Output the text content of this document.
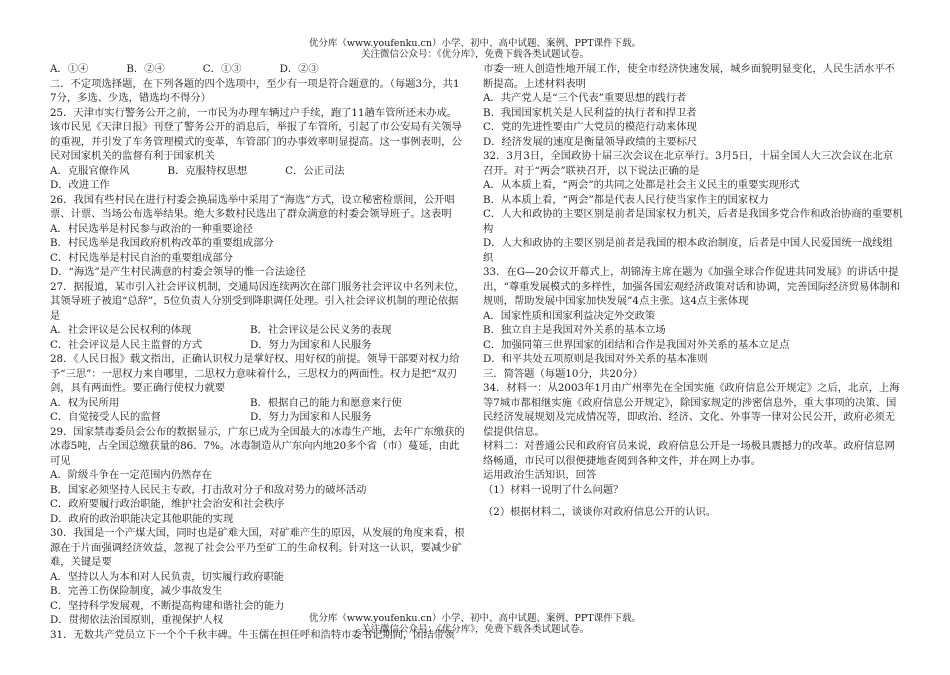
优分库（www.youfenku.cn）小学、初中、高中试题、案例、PPT课件下载。
关注微信公众号：《优分库》，免费下载各类试题试卷。
A．①④	B．②④	C．①③	D．②③
二．不定项选择题，在下列各题的四个选项中，至少有一项是符合题意的。（每题3分，共17分，多选、少选，错选均不得分）
25．天津市实行警务公开之前，一市民为办理车辆过户手续，跑了11趟车管所还未办成。该市民见《天津日报》刊登了警务公开的消息后，举报了车管所，引起了市公安局有关领导的重视，并引发了车务管理模式的变革，车管部门的办事效率明显提高。这一事例表明，公民对国家机关的监督有利于国家机关
A．克服官僚作风	B．克服特权思想	C．公正司法
D．改进工作
26．我国有些村民在进行村委会换届选举中采用了“海选”方式，设立秘密检票间，公开唱票、计票、当场公布选举结果。绝大多数村民选出了群众满意的村委会领导班子。这表明
A．村民选举是村民参与政治的一种重要途径
B．村民选举是我国政府机构改革的重要组成部分
C．村民选举是村民自治的重要组成部分
D．“海选”是产生村民满意的村委会领导的惟一合法途径
27．据报道，某市引入社会评议机制，交通局因连续两次在部门服务社会评议中名列末位，其领导班子被追“总辞”，5位负责人分别受到降职调任处理。引入社会评议机制的理论依据是
A．社会评议是公民权利的体现	B．社会评议是公民义务的表现 C．社会评议是人民主监督的方式	D．努力为国家和人民服务
28．《人民日报》载文指出，正确认识权力是掌好权、用好权的前提。领导干部要对权力给予“三思”：一思权力来自哪里，二思权力意味着什么，三思权力的两面性。权力是把“双刃剑，具有两面性。要正确行使权力就要
A．权为民所用	B．根据自己的能力和愿意来行使 C．自觉接受人民的监督	D．努力为国家和人民服务
29．国家禁毒委员会公布的数据显示，广东已成为全国最大的冰毒生产地，去年广东缴获的冰毒5吨，占全国总缴获量的86．7%。冰毒制造从广东向内地20多个省（市）蔓延，由此可见
A．阶级斗争在一定范围内仍然存在
B．国家必须坚持人民民主专政，打击敌对分子和敌对势力的破坏活动
C．政府要履行政治职能，维护社会治安和社会秩序
D．政府的政治职能决定其他职能的实现
30．我国是一个产煤大国，同时也是矿难大国，对矿难产生的原因，从发展的角度来看，根源在于片面强调经济效益，忽视了社会公平乃至矿工的生命权利。针对这一认识，要减少矿难，关键是要
A．坚持以人为本和对人民负责，切实履行政府职能
B．完善工伤保险制度，减少事故发生
C．坚持科学发展观，不断提高构建和谐社会的能力
D．贯彻依法治国原则，重视保护人权
31．无数共产党员立下一个个千秋丰碑。牛玉儒在担任呼和浩特市委书记期间，团结带领
市委一班人创造性地开展工作，使全市经济快速发展，城乡面貌明显变化，人民生活水平不断提高。上述材料表明
A．共产党人是“三个代表”重要思想的践行者
B．我国国家机关是人民利益的执行者和捍卫者
C．党的先进性要由广大党员的模范行动来体现
D．经济发展的速度是衡量领导政绩的主要标尺
32．3月3日，全国政协十届三次会议在北京举行。3月5日，十届全国人大三次会议在北京召开。对于“两会”联袂召开，以下说法正确的是
A．从本质上看，“两会”的共同之处都是社会主义民主的重要实现形式
B．从本质上看，“两会”都是代表人民行使当家作主的国家权力
C．人大和政协的主要区别是前者是国家权力机关，后者是我国多党合作和政治协商的重要机构
D．人大和政协的主要区别是前者是我国的根本政治制度，后者是中国人民爱国统一战线组织
33．在G—20会议开幕式上，胡锦涛主席在题为《加强全球合作促进共同发展》的讲话中提出，“尊重发展模式的多样性，加强各国宏观经济政策对话和协调，完善国际经济贸易体制和规则，帮助发展中国家加快发展”4点主张。这4点主张体现
A．国家性质和国家利益决定外交政策
B．独立自主是我国对外关系的基本立场
C．加强同第三世界国家的团结和合作是我国对外关系的基本立足点
D．和平共处五项原则是我国对外关系的基本准则
三．简答题（每题10分，共20分）
34．材料一：从2003年1月由广州率先在全国实施《政府信息公开规定》之后，北京，上海等7城市都相继实施《政府信息公开规定》，除国家规定的涉密信息外，重大事项的决策、国民经济发展规划及完成情况等，即政治、经济、文化、外事等一律对公民公开，政府必须无偿提供信息。
材料二：对普通公民和政府官员来说，政府信息公开是一场极具震撼力的改革。政府信息网络畅通，市民可以很便捷地查阅到各种文件，并在网上办事。
运用政治生活知识，回答
（1）材料一说明了什么问题？
（2）根据材料二，谈谈你对政府信息公开的认识。
优分库（www.youfenku.cn）小学、初中、高中试题、案例、PPT课件下载。
关注微信公众号：《优分库》，免费下载各类试题试卷。
